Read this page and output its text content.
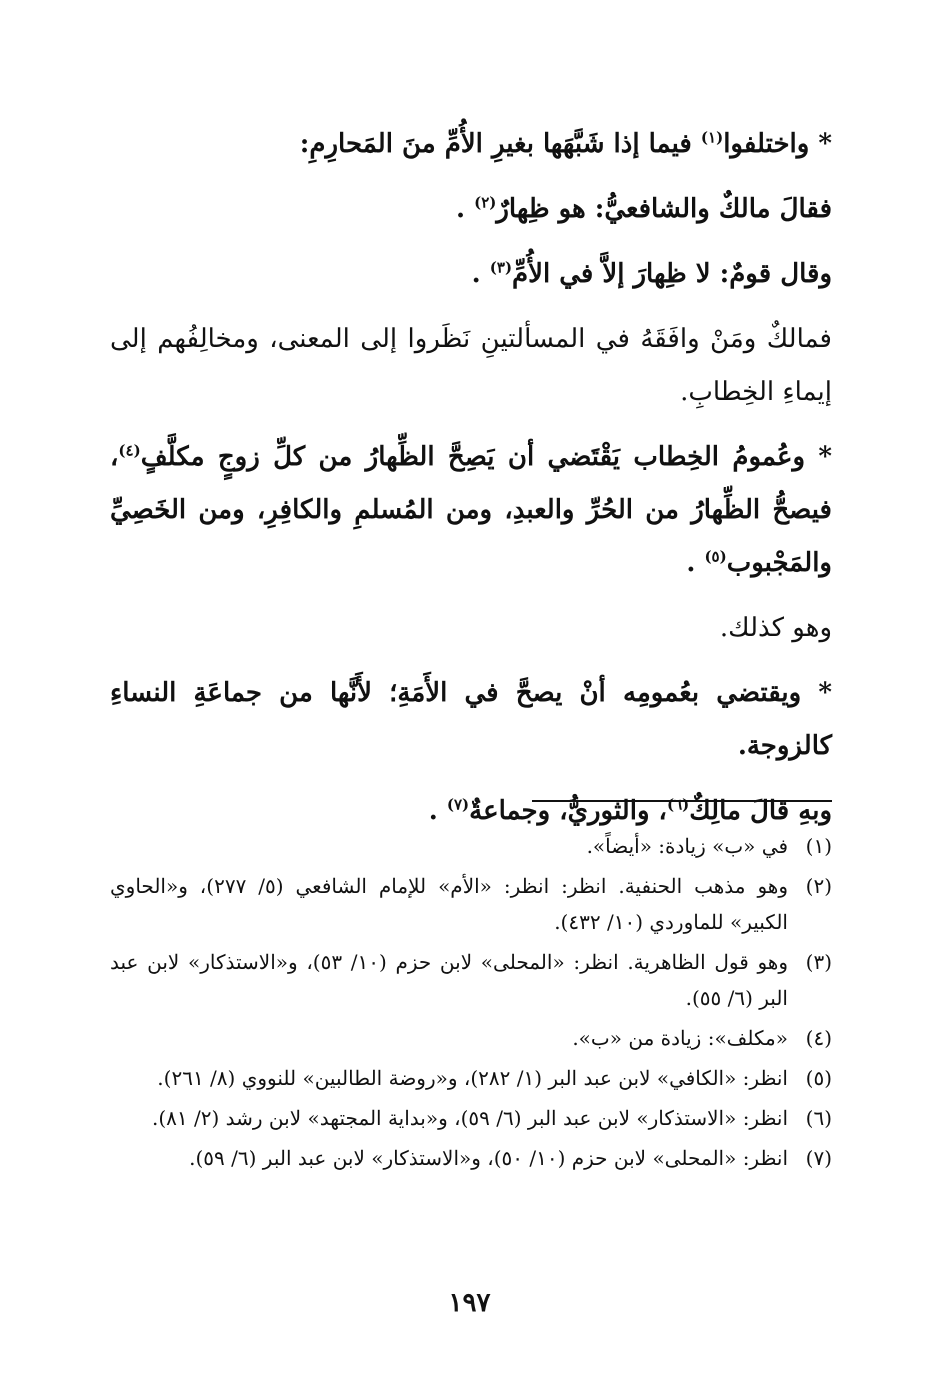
* واختلفوا$^{(١)}$ فيما إذا شَبَّهَها بغيرِ الأُمِّ منَ المَحارِمِ:

فقالَ مالكٌ والشافعيُّ: هو ظِهارٌ$^{(٢)}$ .

وقال قومٌ: لا ظِهارَ إلاَّ في الأُمِّ$^{(٣)}$ .

فمالكٌ ومَنْ وافَقَهُ في المسألتينِ نَظَروا إلى المعنى، ومخالِفُهم إلى إيماءِ الخِطابِ.

* وعُمومُ الخِطاب يَقْتَضي أن يَصِحَّ الظِّهارُ من كلِّ زوجٍ مكلَّفٍ$^{(٤)}$، فيصحُّ الظِّهارُ من الحُرِّ والعبدِ، ومن المُسلمِ والكافِرِ، ومن الخَصِيِّ والمَجْبوب$^{(٥)}$ .

وهو كذلك.

* ويقتضي بعُمومِه أنْ يصحَّ في الأَمَةِ؛ لأَنَّها من جماعَةِ النساءِ كالزوجة.

وبهِ قالَ مالِكٌ$^{(٦)}$، والثوريُّ، وجماعةٌ$^{(٧)}$ .

(١)
في «ب» زيادة: «أيضاً».
(٢)
وهو مذهب الحنفية. انظر: انظر: «الأم» للإمام الشافعي (٥/ ٢٧٧)، و«الحاوي الكبير» للماوردي (١٠/ ٤٣٢).
(٣)
وهو قول الظاهرية. انظر: «المحلى» لابن حزم (١٠/ ٥٣)، و«الاستذكار» لابن عبد البر (٦/ ٥٥).
(٤)
«مكلف»: زيادة من «ب».
(٥)
انظر: «الكافي» لابن عبد البر (١/ ٢٨٢)، و«روضة الطالبين» للنووي (٨/ ٢٦١).
(٦)
انظر: «الاستذكار» لابن عبد البر (٦/ ٥٩)، و«بداية المجتهد» لابن رشد (٢/ ٨١).
(٧)
انظر: «المحلى» لابن حزم (١٠/ ٥٠)، و«الاستذكار» لابن عبد البر (٦/ ٥٩).
١٩٧
